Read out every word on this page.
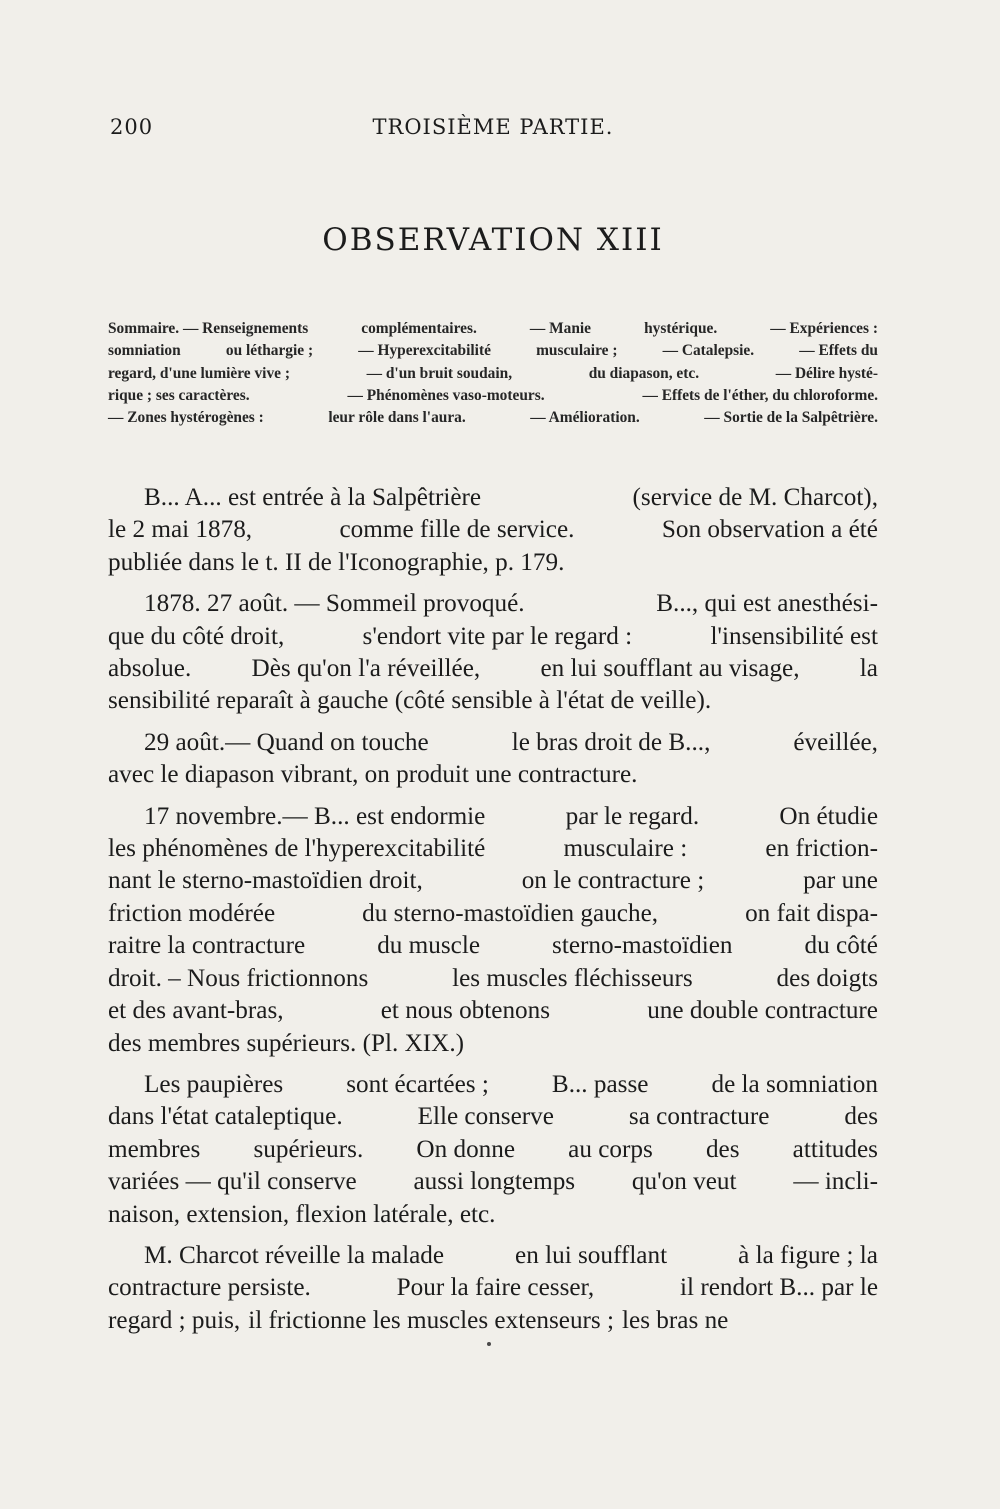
200	TROISIÈME PARTIE.
OBSERVATION XIII
Sommaire. — Renseignements	complémentaires.	— Manie	hystérique.	— Expériences :
somniation	ou léthargie ;	— Hyperexcitabilité	musculaire ;	— Catalepsie.	— Effets du
regard, d'une lumière vive ;	— d'un bruit soudain,	du diapason, etc.	— Délire hysté-
rique ; ses caractères.	— Phénomènes vaso-moteurs.	— Effets de l'éther, du chloroforme.
— Zones hystérogènes :	leur rôle dans l'aura.	— Amélioration.	— Sortie de la Salpêtrière.
B... A... est entrée à la Salpêtrière	(service de M. Charcot),
le 2 mai 1878,	comme fille de service.	Son observation a été
publiée dans le t. II de l'Iconographie, p. 179.
1878. 27 août. — Sommeil provoqué.	B..., qui est anesthési-
que du côté droit,	s'endort vite par le regard :	l'insensibilité est
absolue. Dès qu'on l'a réveillée, en lui soufflant au visage, la
sensibilité reparaît à gauche (côté sensible à l'état de veille).
29 août.— Quand on touche	le bras droit de B...,	éveillée,
avec le diapason vibrant, on produit une contracture.
17 novembre.— B... est endormie	par le regard.	On étudie
les phénomènes de l'hyperexcitabilité	musculaire :	en friction-
nant le sterno-mastoïdien droit,	on le contracture ;	par une
friction modérée	du sterno-mastoïdien gauche,	on fait dispa-
raitre la contracture	du muscle	sterno-mastoïdien	du côté
droit. – Nous frictionnons	les muscles fléchisseurs	des doigts
et des avant-bras,	et nous obtenons	une double contracture
des membres supérieurs. (Pl. XIX.)
Les paupières	sont écartées ;	B... passe	de la somniation
dans l'état cataleptique.	Elle conserve	sa contracture	des
membres supérieurs. On donne au corps des attitudes
variées — qu'il conserve aussi longtemps qu'on veut — incli-
naison, extension, flexion latérale, etc.
M. Charcot réveille la malade	en lui soufflant	à la figure ; la
contracture persiste.	Pour la faire cesser,	il rendort B... par le
regard ; puis, il frictionne les muscles extenseurs ; les bras ne
